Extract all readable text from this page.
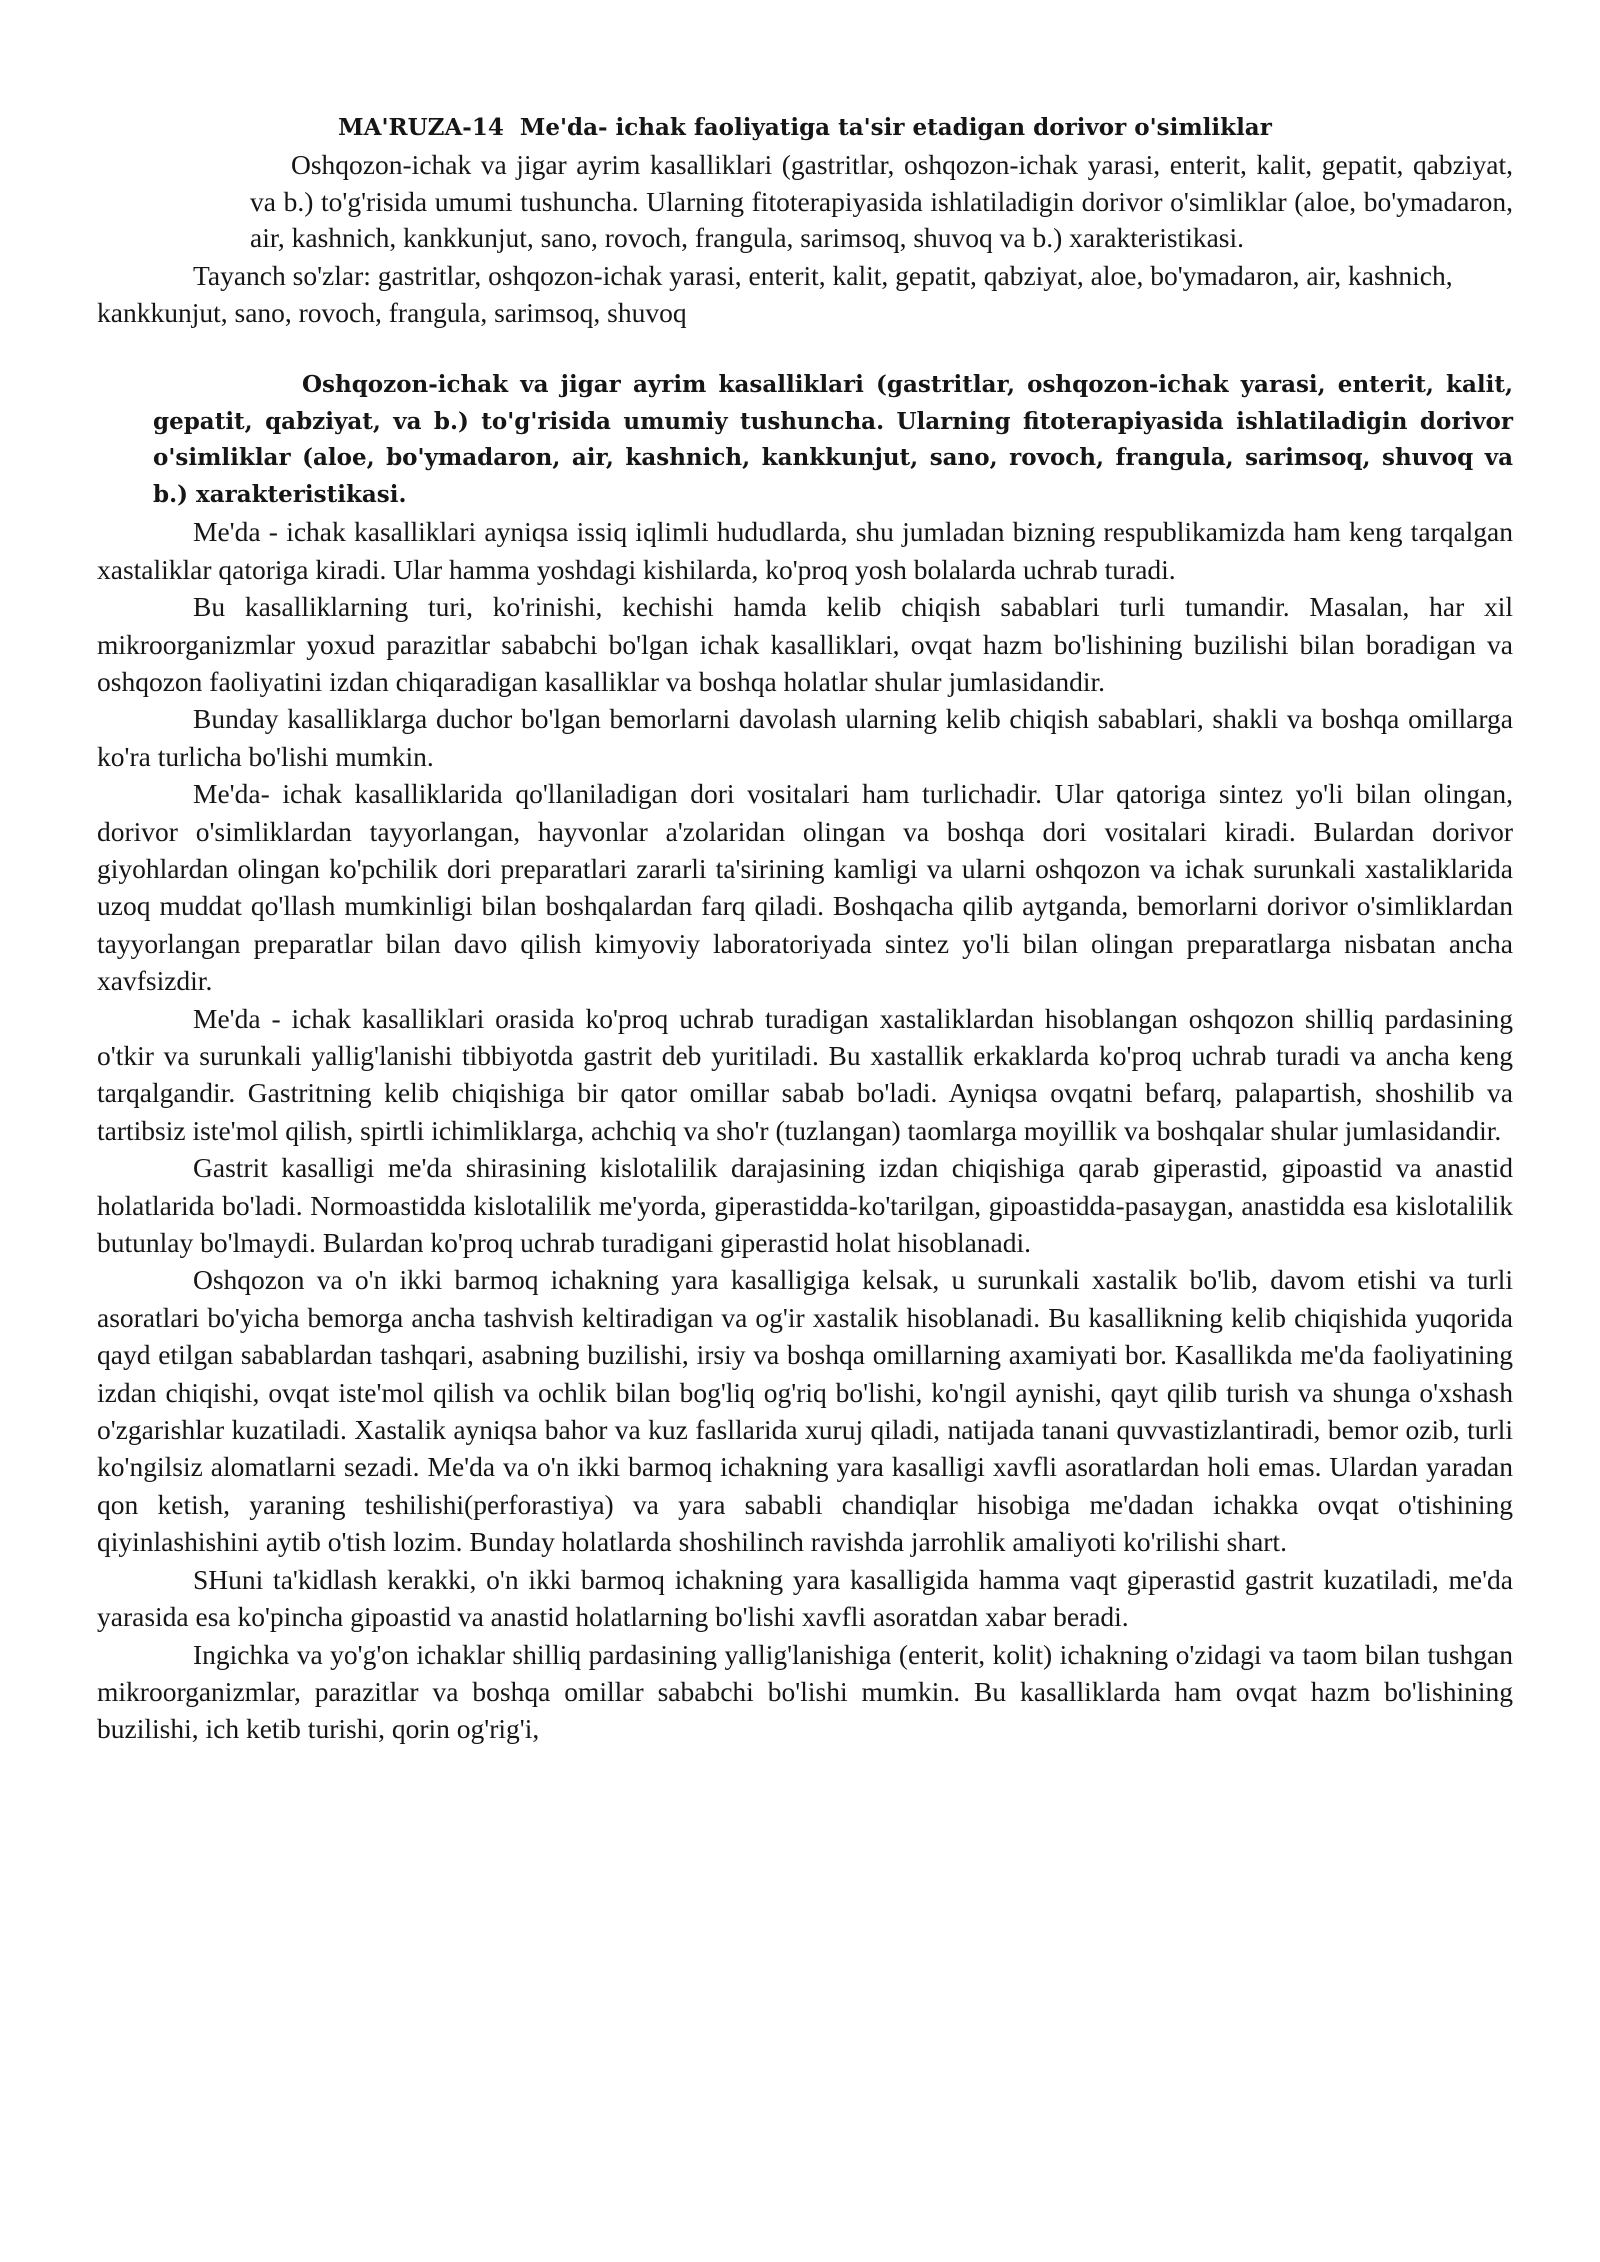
MA'RUZA-14  Me'da- ichak faoliyatiga ta'sir etadigan dorivor o'simliklar

Oshqozon-ichak va jigar ayrim kasalliklari (gastritlar, oshqozon-ichak yarasi, enterit, kalit, gepatit, qabziyat, va b.) to'g'risida umumi tushuncha. Ularning fitoterapiyasida ishlatiladigin dorivor o'simliklar (aloe, bo'ymadaron, air, kashnich, kankkunjut, sano, rovoch, frangula, sarimsoq, shuvoq va b.) xarakteristikasi.

Tayanch so'zlar: gastritlar, oshqozon-ichak yarasi, enterit, kalit, gepatit, qabziyat, aloe, bo'ymadaron, air, kashnich, kankkunjut, sano, rovoch, frangula, sarimsoq, shuvoq

Oshqozon-ichak va jigar ayrim kasalliklari (gastritlar, oshqozon-ichak yarasi, enterit, kalit, gepatit, qabziyat, va b.) to'g'risida umumiy tushuncha. Ularning fitoterapiyasida ishlatiladigin dorivor o'simliklar (aloe, bo'ymadaron, air, kashnich, kankkunjut, sano, rovoch, frangula, sarimsoq, shuvoq va b.) xarakteristikasi.

Me'da - ichak kasalliklari ayniqsa issiq iqlimli hududlarda, shu jumladan bizning respublikamizda ham keng tarqalgan xastaliklar qatoriga kiradi. Ular hamma yoshdagi kishilarda, ko'proq yosh bolalarda uchrab turadi.

Bu kasalliklarning turi, ko'rinishi, kechishi hamda kelib chiqish sabablari turli tumandir. Masalan, har xil mikroorganizmlar yoxud parazitlar sababchi bo'lgan ichak kasalliklari, ovqat hazm bo'lishining buzilishi bilan boradigan va oshqozon faoliyatini izdan chiqaradigan kasalliklar va boshqa holatlar shular jumlasidandir.

Bunday kasalliklarga duchor bo'lgan bemorlarni davolash ularning kelib chiqish sabablari, shakli va boshqa omillarga ko'ra turlicha bo'lishi mumkin.

Me'da- ichak kasalliklarida qo'llaniladigan dori vositalari ham turlichadir. Ular qatoriga sintez yo'li bilan olingan, dorivor o'simliklardan tayyorlangan, hayvonlar a'zolaridan olingan va boshqa dori vositalari kiradi. Bulardan dorivor giyohlardan olingan ko'pchilik dori preparatlari zararli ta'sirining kamligi va ularni oshqozon va ichak surunkali xastaliklarida uzoq muddat qo'llash mumkinligi bilan boshqalardan farq qiladi. Boshqacha qilib aytganda, bemorlarni dorivor o'simliklardan tayyorlangan preparatlar bilan davo qilish kimyoviy laboratoriyada sintez yo'li bilan olingan preparatlarga nisbatan ancha xavfsizdir.

Me'da - ichak kasalliklari orasida ko'proq uchrab turadigan xastaliklardan hisoblangan oshqozon shilliq pardasining o'tkir va surunkali yallig'lanishi tibbiyotda gastrit deb yuritiladi. Bu xastallik erkaklarda ko'proq uchrab turadi va ancha keng tarqalgandir. Gastritning kelib chiqishiga bir qator omillar sabab bo'ladi. Ayniqsa ovqatni befarq, palapartish, shoshilib va tartibsiz iste'mol qilish, spirtli ichimliklarga, achchiq va sho'r (tuzlangan) taomlarga moyillik va boshqalar shular jumlasidandir.

Gastrit kasalligi me'da shirasining kislotalilik darajasining izdan chiqishiga qarab giperastid, gipoastid va anastid holatlarida bo'ladi. Normoastidda kislotalilik me'yorda, giperastidda-ko'tarilgan, gipoastidda-pasaygan, anastidda esa kislotalilik butunlay bo'lmaydi. Bulardan ko'proq uchrab turadigani giperastid holat hisoblanadi.

Oshqozon va o'n ikki barmoq ichakning yara kasalligiga kelsak, u surunkali xastalik bo'lib, davom etishi va turli asoratlari bo'yicha bemorga ancha tashvish keltiradigan va og'ir xastalik hisoblanadi. Bu kasallikning kelib chiqishida yuqorida qayd etilgan sabablardan tashqari, asabning buzilishi, irsiy va boshqa omillarning axamiyati bor. Kasallikda me'da faoliyatining izdan chiqishi, ovqat iste'mol qilish va ochlik bilan bog'liq og'riq bo'lishi, ko'ngil aynishi, qayt qilib turish va shunga o'xshash o'zgarishlar kuzatiladi. Xastalik ayniqsa bahor va kuz fasllarida xuruj qiladi, natijada tanani quvvastizlantiradi, bemor ozib, turli ko'ngilsiz alomatlarni sezadi. Me'da va o'n ikki barmoq ichakning yara kasalligi xavfli asoratlardan holi emas. Ulardan yaradan qon ketish, yaraning teshilishi(perforastiya) va yara sababli chandiqlar hisobiga me'dadan ichakka ovqat o'tishining qiyinlashishini aytib o'tish lozim. Bunday holatlarda shoshilinch ravishda jarrohlik amaliyoti ko'rilishi shart.

SHuni ta'kidlash kerakki, o'n ikki barmoq ichakning yara kasalligida hamma vaqt giperastid gastrit kuzatiladi, me'da yarasida esa ko'pincha gipoastid va anastid holatlarning bo'lishi xavfli asoratdan xabar beradi.

Ingichka va yo'g'on ichaklar shilliq pardasining yallig'lanishiga (enterit, kolit) ichakning o'zidagi va taom bilan tushgan mikroorganizmlar, parazitlar va boshqa omillar sababchi bo'lishi mumkin. Bu kasalliklarda ham ovqat hazm bo'lishining buzilishi, ich ketib turishi, qorin og'rig'i,
